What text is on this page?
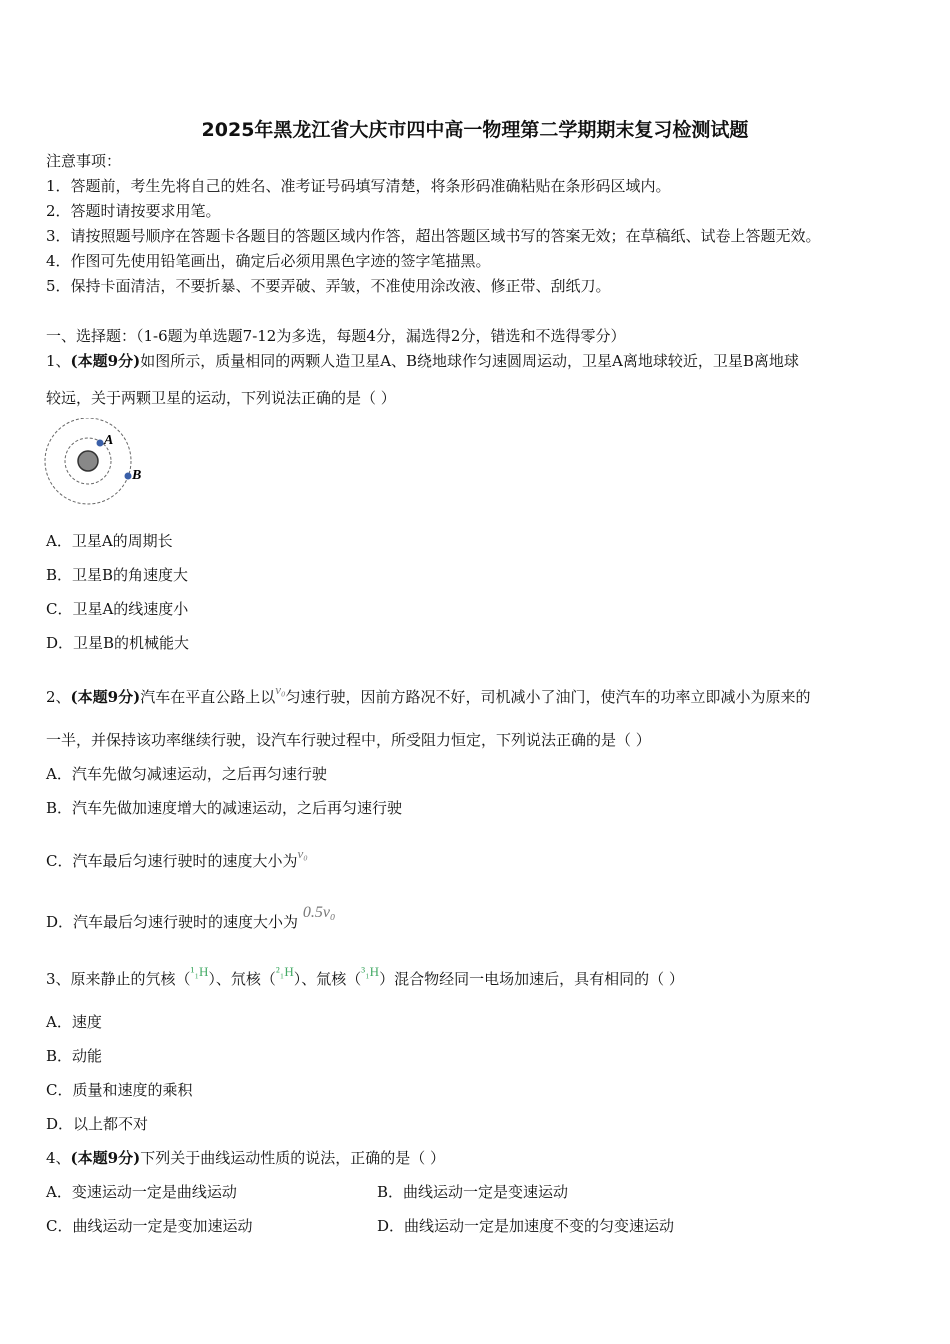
2025年黑龙江省大庆市四中高一物理第二学期期末复习检测试题
注意事项：
1．答题前，考生先将自己的姓名、准考证号码填写清楚，将条形码准确粘贴在条形码区域内。
2．答题时请按要求用笔。
3．请按照题号顺序在答题卡各题目的答题区域内作答，超出答题区域书写的答案无效；在草稿纸、试卷上答题无效。
4．作图可先使用铅笔画出，确定后必须用黑色字迹的签字笔描黑。
5．保持卡面清洁，不要折暴、不要弄破、弄皱，不准使用涂改液、修正带、刮纸刀。
一、选择题：（1-6题为单选题7-12为多选，每题4分，漏选得2分，错选和不选得零分）
1、(本题9分)如图所示，质量相同的两颗人造卫星A、B绕地球作匀速圆周运动，卫星A离地球较近，卫星B离地球
较远，关于两颗卫星的运动，下列说法正确的是（ ）
A
B
A．卫星A的周期长
B．卫星B的角速度大
C．卫星A的线速度小
D．卫星B的机械能大
2、(本题9分)汽车在平直公路上以v₀匀速行驶，因前方路况不好，司机减小了油门，使汽车的功率立即减小为原来的
一半，并保持该功率继续行驶，设汽车行驶过程中，所受阻力恒定，下列说法正确的是（ ）
A．汽车先做匀减速运动，之后再匀速行驶
B．汽车先做加速度增大的减速运动，之后再匀速行驶
C．汽车最后匀速行驶时的速度大小为v₀
D．汽车最后匀速行驶时的速度大小为 0.5v₀
3、原来静止的氕核（¹₁H）、氘核（²₁H）、氚核（³₁H）混合物经同一电场加速后，具有相同的（ ）
A．速度
B．动能
C．质量和速度的乘积
D．以上都不对
4、(本题9分)下列关于曲线运动性质的说法，正确的是（ ）
A．变速运动一定是曲线运动	B．曲线运动一定是变速运动
C．曲线运动一定是变加速运动	D．曲线运动一定是加速度不变的匀变速运动
